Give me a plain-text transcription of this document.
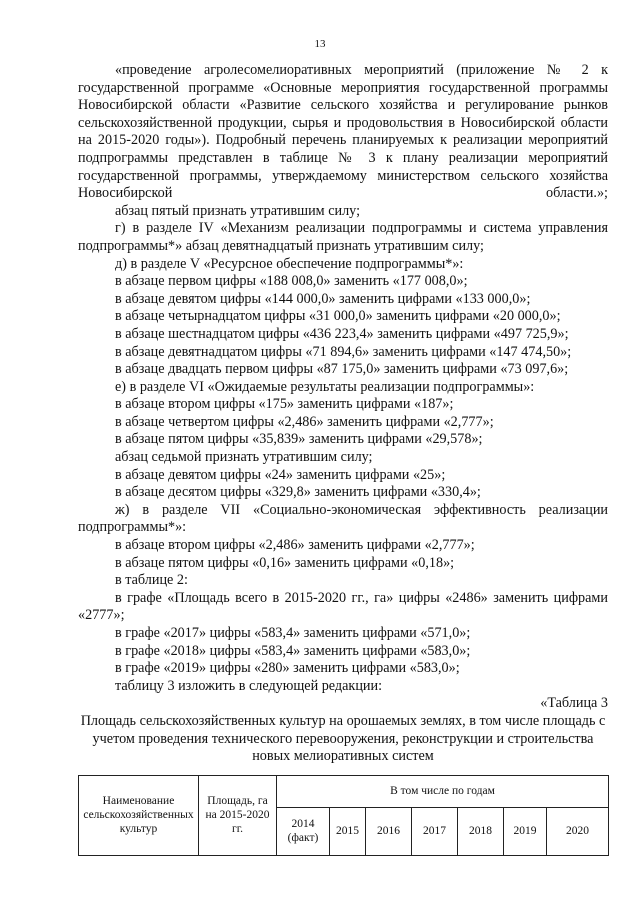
13

«проведение агролесомелиоративных мероприятий (приложение № 2 к государственной программе «Основные мероприятия государственной программы Новосибирской области «Развитие сельского хозяйства и регулирование рынков сельскохозяйственной продукции, сырья и продовольствия в Новосибирской области на 2015-2020 годы»). Подробный перечень планируемых к реализации мероприятий подпрограммы представлен в таблице № 3 к плану реализации мероприятий государственной программы, утверждаемому министерством сельского хозяйства Новосибирской области.»;

абзац пятый признать утратившим силу;

г) в разделе IV «Механизм реализации подпрограммы и система управления подпрограммы*» абзац девятнадцатый признать утратившим силу;

д) в разделе V «Ресурсное обеспечение подпрограммы*»:

в абзаце первом цифры «188 008,0» заменить «177 008,0»;

в абзаце девятом цифры «144 000,0» заменить цифрами «133 000,0»;

в абзаце четырнадцатом цифры «31 000,0» заменить цифрами «20 000,0»;

в абзаце шестнадцатом цифры «436 223,4» заменить цифрами «497 725,9»;

в абзаце девятнадцатом цифры «71 894,6» заменить цифрами «147 474,50»;

в абзаце двадцать первом цифры «87 175,0» заменить цифрами «73 097,6»;

е) в разделе VI «Ожидаемые результаты реализации подпрограммы»:

в абзаце втором цифры «175» заменить цифрами «187»;

в абзаце четвертом цифры «2,486» заменить цифрами «2,777»;

в абзаце пятом цифры «35,839» заменить цифрами «29,578»;

абзац седьмой признать утратившим силу;

в абзаце девятом цифры «24» заменить цифрами «25»;

в абзаце десятом цифры «329,8» заменить цифрами «330,4»;

ж) в разделе VII «Социально-экономическая эффективность реализации подпрограммы*»:

в абзаце втором цифры «2,486» заменить цифрами «2,777»;

в абзаце пятом цифры «0,16» заменить цифрами «0,18»;

в таблице 2:

в графе «Площадь всего в 2015-2020 гг., га» цифры «2486» заменить цифрами «2777»;

в графе «2017» цифры «583,4» заменить цифрами «571,0»;

в графе «2018» цифры «583,4» заменить цифрами «583,0»;

в графе «2019» цифры «280» заменить цифрами «583,0»;

таблицу 3 изложить в следующей редакции:

«Таблица 3

Площадь сельскохозяйственных культур на орошаемых землях, в том числе площадь с учетом проведения технического перевооружения, реконструкции и строительства новых мелиоративных систем

Наименование сельскохозяйственных культур	Площадь, га на 2015-2020 гг.	В том числе по годам						
		2014 (факт)	2015	2016	2017	2018	2019	2020
